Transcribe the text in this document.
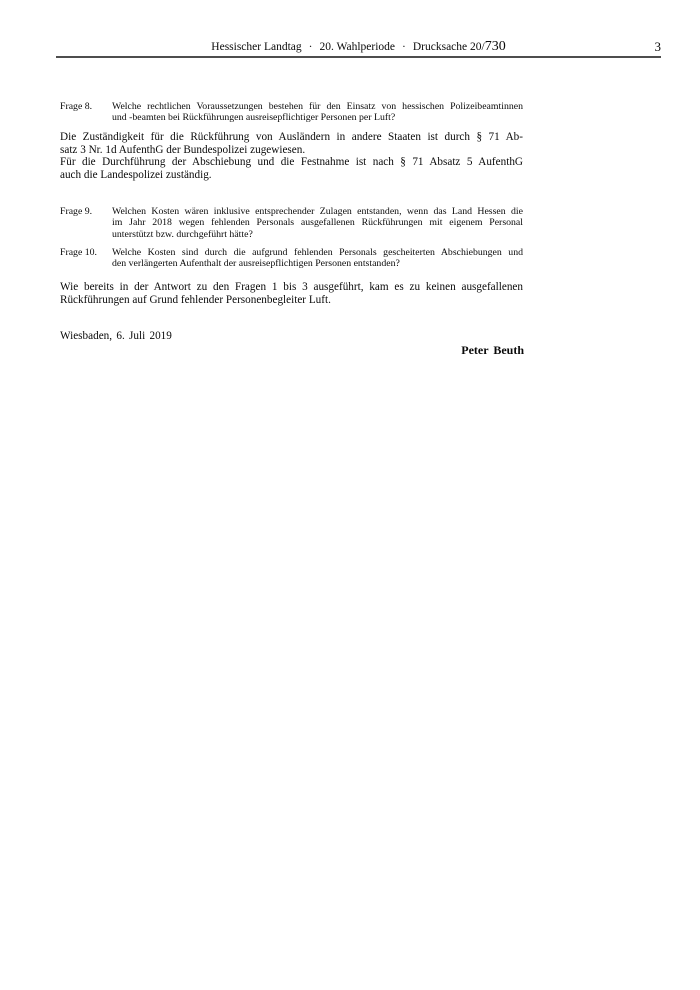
Hessischer Landtag · 20. Wahlperiode · Drucksache 20/730	3
Frage 8.	Welche rechtlichen Voraussetzungen bestehen für den Einsatz von hessischen Polizeibeamtinnen
und -beamten bei Rückführungen ausreisepflichtiger Personen per Luft?
Die Zuständigkeit für die Rückführung von Ausländern in andere Staaten ist durch § 71 Ab-
satz 3 Nr. 1d AufenthG der Bundespolizei zugewiesen.
Für die Durchführung der Abschiebung und die Festnahme ist nach § 71 Absatz 5 AufenthG
auch die Landespolizei zuständig.
Frage 9.	Welchen Kosten wären inklusive entsprechender Zulagen entstanden, wenn das Land Hessen die
im Jahr 2018 wegen fehlenden Personals ausgefallenen Rückführungen mit eigenem Personal
unterstützt bzw. durchgeführt hätte?
Frage 10.	Welche Kosten sind durch die aufgrund fehlenden Personals gescheiterten Abschiebungen und
den verlängerten Aufenthalt der ausreisepflichtigen Personen entstanden?
Wie bereits in der Antwort zu den Fragen 1 bis 3 ausgeführt, kam es zu keinen ausgefallenen
Rückführungen auf Grund fehlender Personenbegleiter Luft.
Wiesbaden, 6. Juli 2019
Peter Beuth
